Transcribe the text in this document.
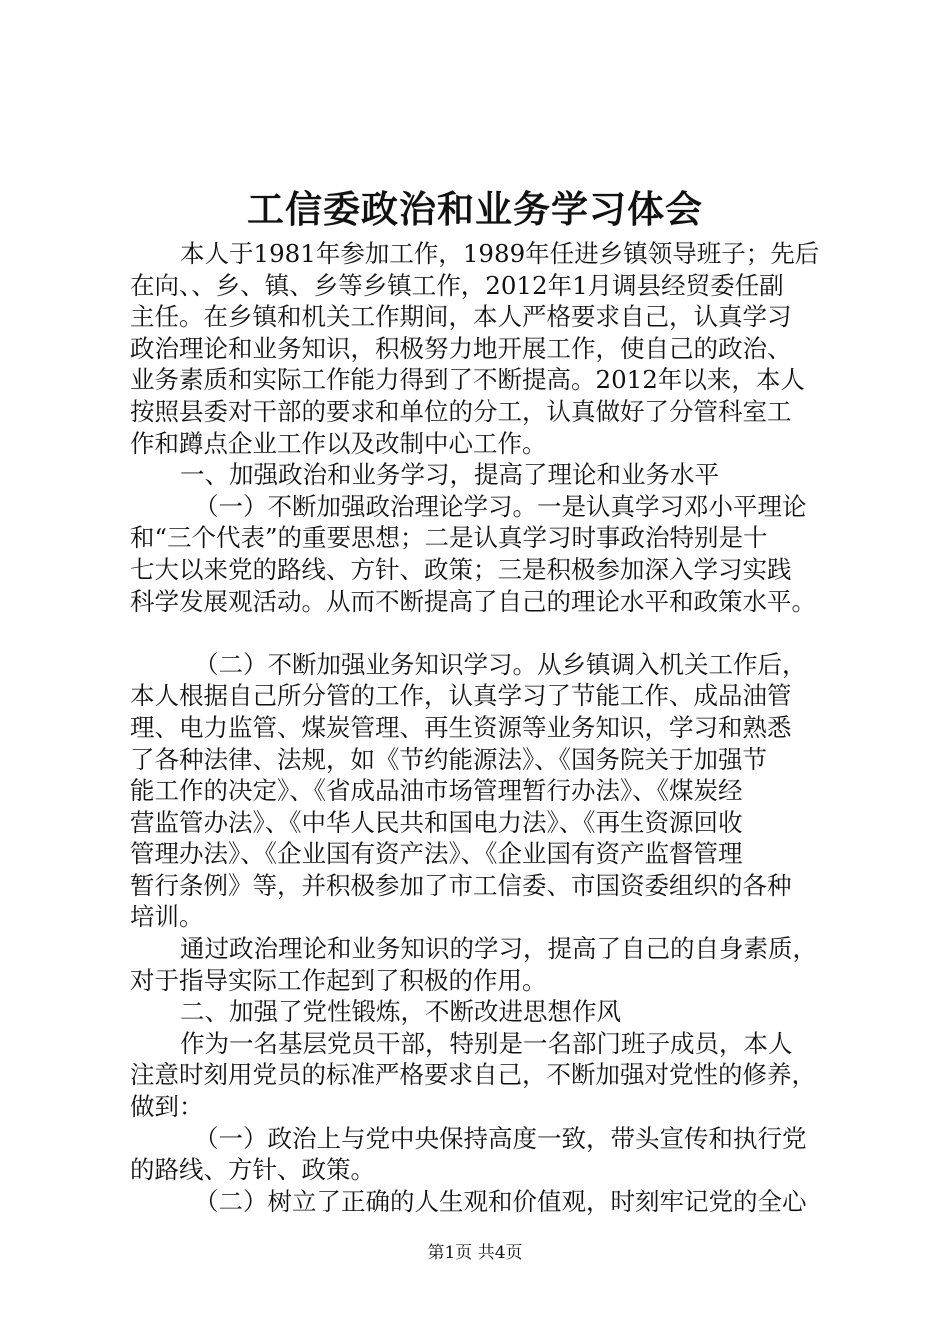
工信委政治和业务学习体会

本人于1981年参加工作，1989年任进乡镇领导班子；先后

在向、、乡、镇、乡等乡镇工作，2012年1月调县经贸委任副

主任。在乡镇和机关工作期间，本人严格要求自己，认真学习

政治理论和业务知识，积极努力地开展工作，使自己的政治、

业务素质和实际工作能力得到了不断提高。2012年以来，本人

按照县委对干部的要求和单位的分工，认真做好了分管科室工

作和蹲点企业工作以及改制中心工作。

一、加强政治和业务学习，提高了理论和业务水平

（一）不断加强政治理论学习。一是认真学习邓小平理论

和“三个代表”的重要思想；二是认真学习时事政治特别是十

七大以来党的路线、方针、政策；三是积极参加深入学习实践

科学发展观活动。从而不断提高了自己的理论水平和政策水平。

（二）不断加强业务知识学习。从乡镇调入机关工作后，

本人根据自己所分管的工作，认真学习了节能工作、成品油管

理、电力监管、煤炭管理、再生资源等业务知识，学习和熟悉

了各种法律、法规，如《节约能源法》、《国务院关于加强节

能工作的决定》、《省成品油市场管理暂行办法》、《煤炭经

营监管办法》、《中华人民共和国电力法》、《再生资源回收

管理办法》、《企业国有资产法》、《企业国有资产监督管理

暂行条例》等，并积极参加了市工信委、市国资委组织的各种

培训。

通过政治理论和业务知识的学习，提高了自己的自身素质，

对于指导实际工作起到了积极的作用。

二、加强了党性锻炼，不断改进思想作风

作为一名基层党员干部，特别是一名部门班子成员，本人

注意时刻用党员的标准严格要求自己，不断加强对党性的修养，

做到：

（一）政治上与党中央保持高度一致，带头宣传和执行党

的路线、方针、政策。

（二）树立了正确的人生观和价值观，时刻牢记党的全心

第1页 共4页
